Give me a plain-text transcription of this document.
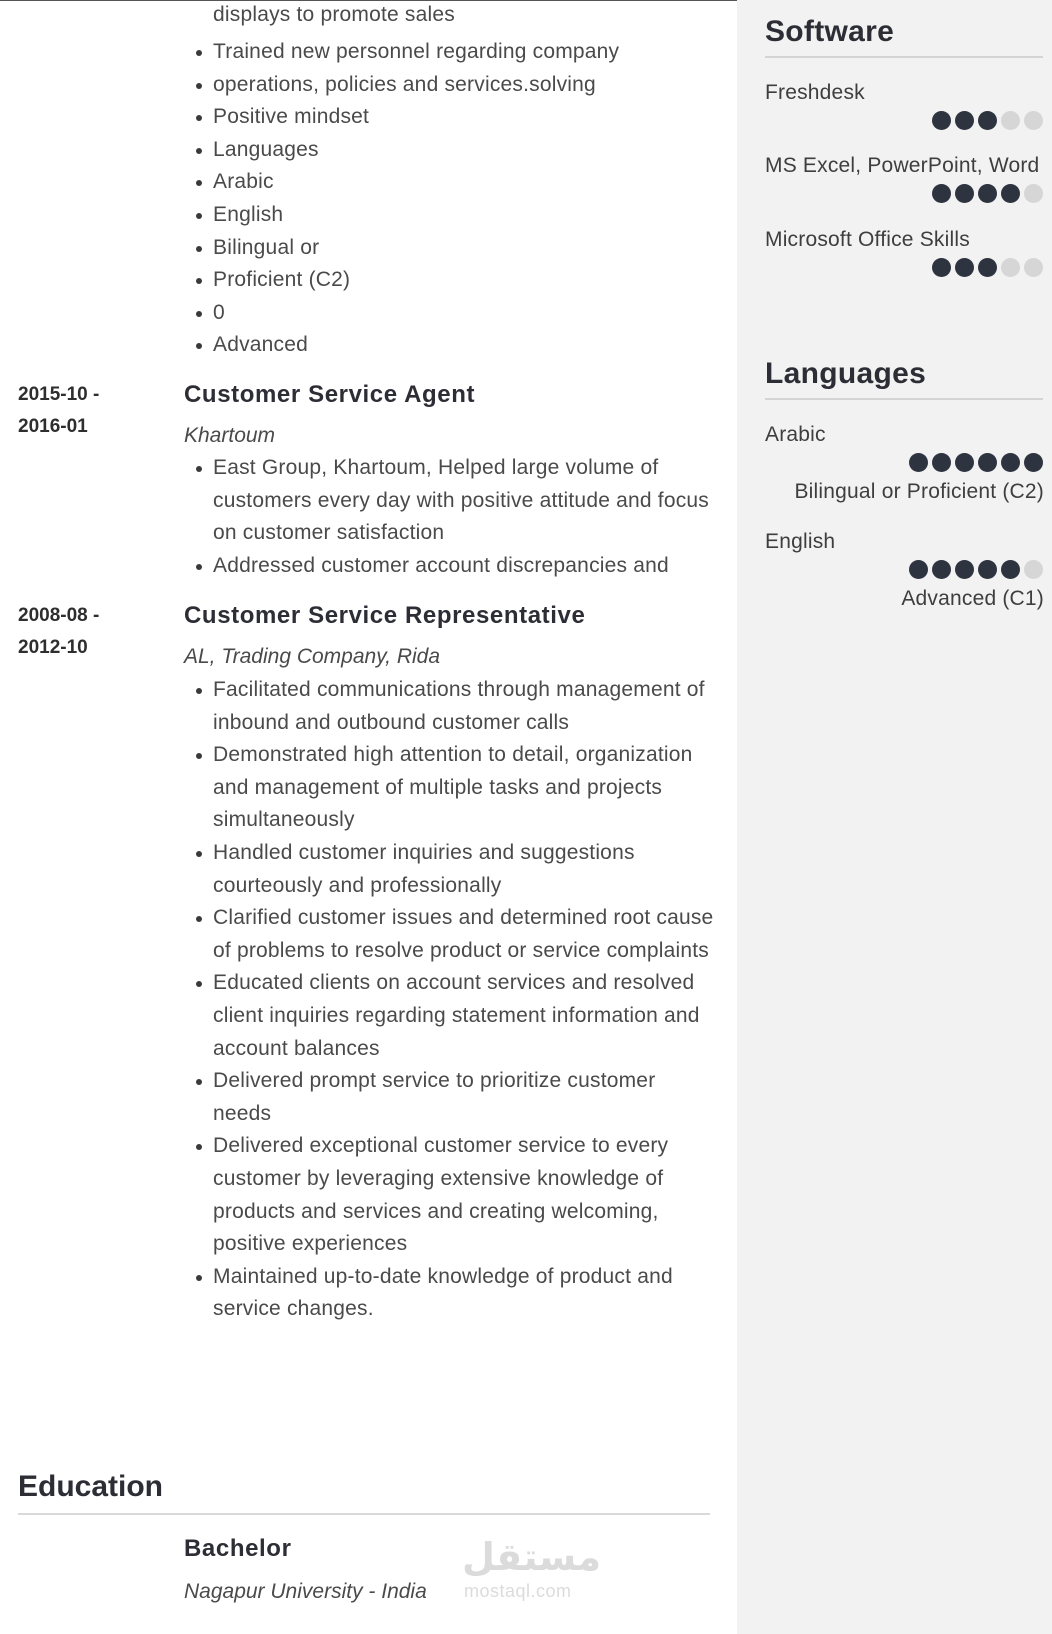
displays to promote sales
Trained new personnel regarding company
operations, policies and services.solving
Positive mindset
Languages
Arabic
English
Bilingual or
Proficient (C2)
0
Advanced
2015-10 -
2016-01
Customer Service Agent
Khartoum
East Group, Khartoum, Helped large volume of customers every day with positive attitude and focus on customer satisfaction
Addressed customer account discrepancies and
2008-08 -
2012-10
Customer Service Representative
AL, Trading Company, Rida
Facilitated communications through management of inbound and outbound customer calls
Demonstrated high attention to detail, organization and management of multiple tasks and projects simultaneously
Handled customer inquiries and suggestions courteously and professionally
Clarified customer issues and determined root cause of problems to resolve product or service complaints
Educated clients on account services and resolved client inquiries regarding statement information and account balances
Delivered prompt service to prioritize customer needs
Delivered exceptional customer service to every customer by leveraging extensive knowledge of products and services and creating welcoming, positive experiences
Maintained up-to-date knowledge of product and service changes.
Education
Bachelor
Nagapur University - India
مستقل
mostaql.com
Software
Freshdesk
MS Excel, PowerPoint, Word
Microsoft Office Skills
Languages
Arabic
Bilingual or Proficient (C2)
English
Advanced (C1)
